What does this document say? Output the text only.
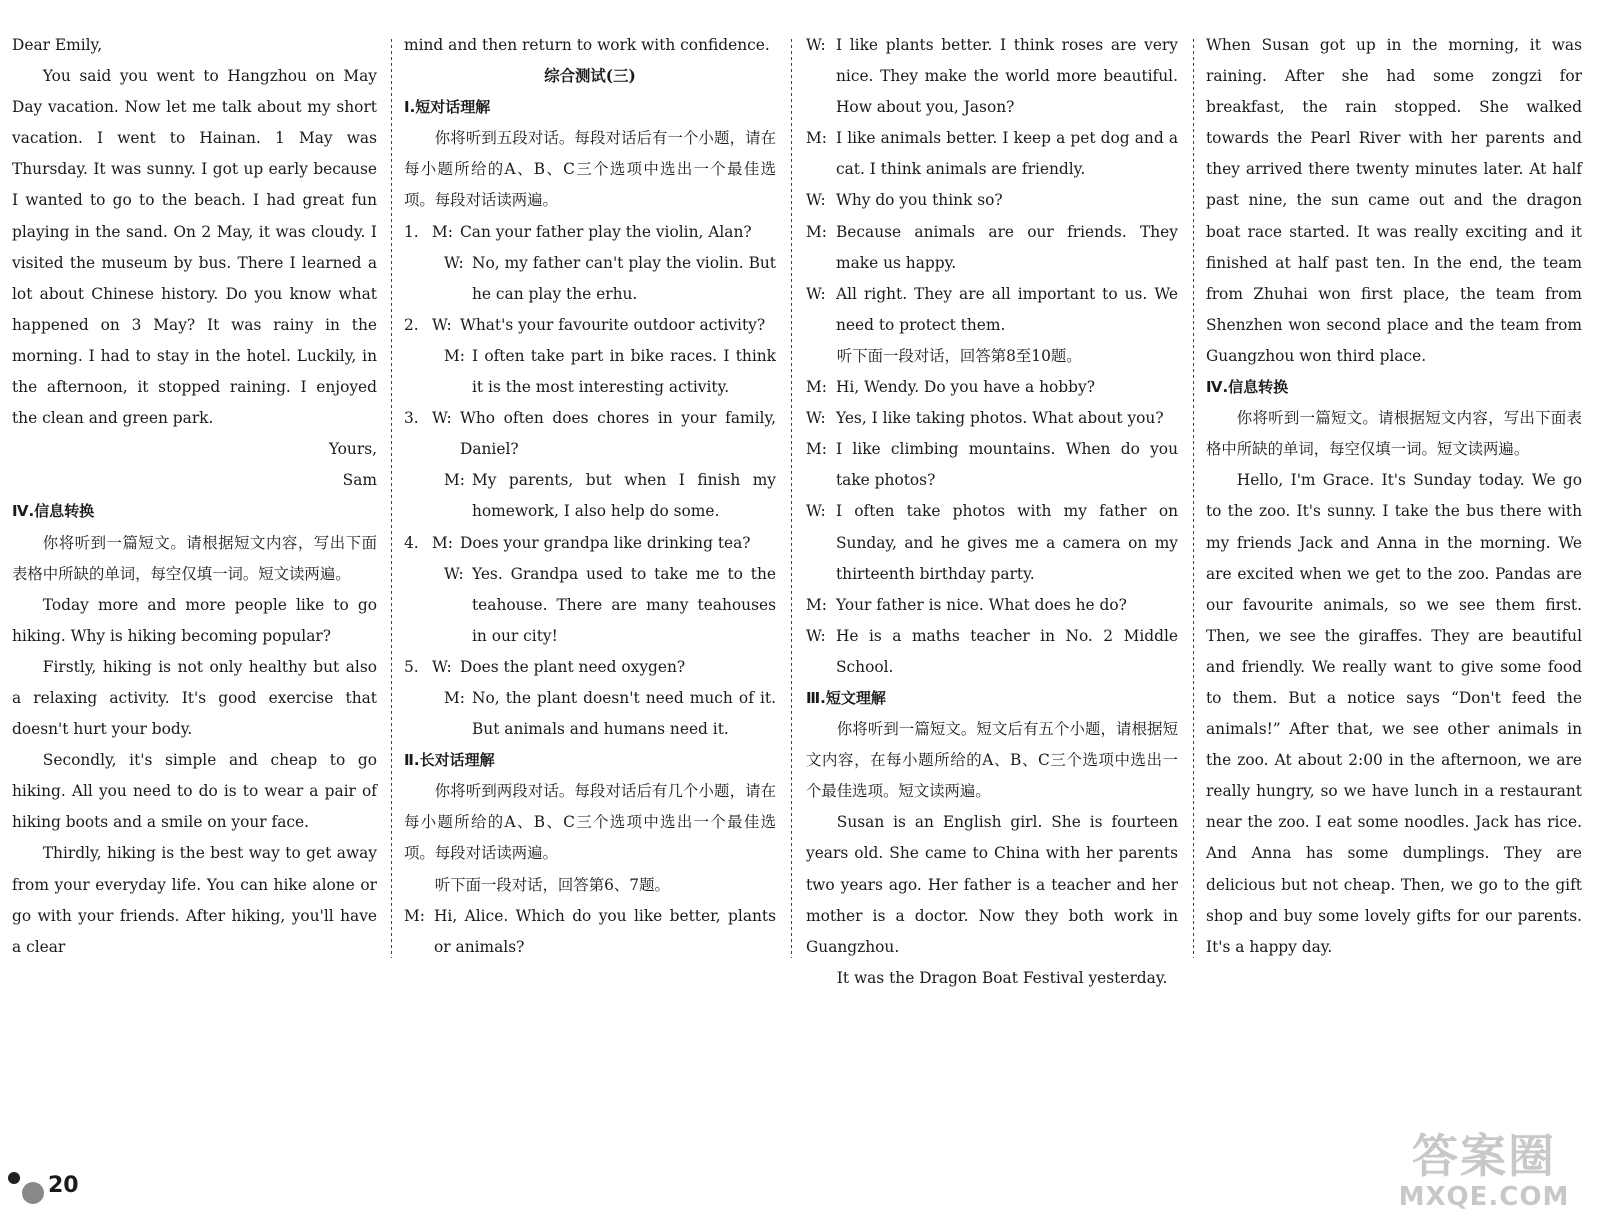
Dear Emily,

You said you went to Hangzhou on May Day vacation. Now let me talk about my short vacation. I went to Hainan. 1 May was Thursday. It was sunny. I got up early because I wanted to go to the beach. I had great fun playing in the sand. On 2 May, it was cloudy. I visited the museum by bus. There I learned a lot about Chinese history. Do you know what happened on 3 May? It was rainy in the morning. I had to stay in the hotel. Luckily, in the afternoon, it stopped raining. I enjoyed the clean and green park.

Yours,

Sam

Ⅳ.信息转换

你将听到一篇短文。请根据短文内容，写出下面表格中所缺的单词，每空仅填一词。短文读两遍。

Today more and more people like to go hiking. Why is hiking becoming popular?

Firstly, hiking is not only healthy but also a relaxing activity. It's good exercise that doesn't hurt your body.

Secondly, it's simple and cheap to go hiking. All you need to do is to wear a pair of hiking boots and a smile on your face.

Thirdly, hiking is the best way to get away from your everyday life. You can hike alone or go with your friends. After hiking, you'll have a clear

mind and then return to work with confidence.

综合测试(三)

Ⅰ.短对话理解

你将听到五段对话。每段对话后有一个小题，请在每小题所给的A、B、C三个选项中选出一个最佳选项。每段对话读两遍。

1. M: Can your father play the violin, Alan?
W: No, my father can't play the violin. But he can play the erhu.
2. W: What's your favourite outdoor activity?
M: I often take part in bike races. I think it is the most interesting activity.
3. W: Who often does chores in your family, Daniel?
M: My parents, but when I finish my homework, I also help do some.
4. M: Does your grandpa like drinking tea?
W: Yes. Grandpa used to take me to the teahouse. There are many teahouses in our city!
5. W: Does the plant need oxygen?
M: No, the plant doesn't need much of it. But animals and humans need it.

Ⅱ.长对话理解

你将听到两段对话。每段对话后有几个小题，请在每小题所给的A、B、C三个选项中选出一个最佳选项。每段对话读两遍。

听下面一段对话，回答第6、7题。

M: Hi, Alice. Which do you like better, plants or animals?
W: I like plants better. I think roses are very nice. They make the world more beautiful. How about you, Jason?
M: I like animals better. I keep a pet dog and a cat. I think animals are friendly.
W: Why do you think so?
M: Because animals are our friends. They make us happy.
W: All right. They are all important to us. We need to protect them.

听下面一段对话，回答第8至10题。

M: Hi, Wendy. Do you have a hobby?
W: Yes, I like taking photos. What about you?
M: I like climbing mountains. When do you take photos?
W: I often take photos with my father on Sunday, and he gives me a camera on my thirteenth birthday party.
M: Your father is nice. What does he do?
W: He is a maths teacher in No. 2 Middle School.

Ⅲ.短文理解

你将听到一篇短文。短文后有五个小题，请根据短文内容，在每小题所给的A、B、C三个选项中选出一个最佳选项。短文读两遍。

Susan is an English girl. She is fourteen years old. She came to China with her parents two years ago. Her father is a teacher and her mother is a doctor. Now they both work in Guangzhou.

It was the Dragon Boat Festival yesterday.

When Susan got up in the morning, it was raining. After she had some zongzi for breakfast, the rain stopped. She walked towards the Pearl River with her parents and they arrived there twenty minutes later. At half past nine, the sun came out and the dragon boat race started. It was really exciting and it finished at half past ten. In the end, the team from Zhuhai won first place, the team from Shenzhen won second place and the team from Guangzhou won third place.

Ⅳ.信息转换

你将听到一篇短文。请根据短文内容，写出下面表格中所缺的单词，每空仅填一词。短文读两遍。

Hello, I'm Grace. It's Sunday today. We go to the zoo. It's sunny. I take the bus there with my friends Jack and Anna in the morning. We are excited when we get to the zoo. Pandas are our favourite animals, so we see them first. Then, we see the giraffes. They are beautiful and friendly. We really want to give some food to them. But a notice says “Don't feed the animals!” After that, we see other animals in the zoo. At about 2:00 in the afternoon, we are really hungry, so we have lunch in a restaurant near the zoo. I eat some noodles. Jack has rice. And Anna has some dumplings. They are delicious but not cheap. Then, we go to the gift shop and buy some lovely gifts for our parents. It's a happy day.

20
答案圈
MXQE.COM
